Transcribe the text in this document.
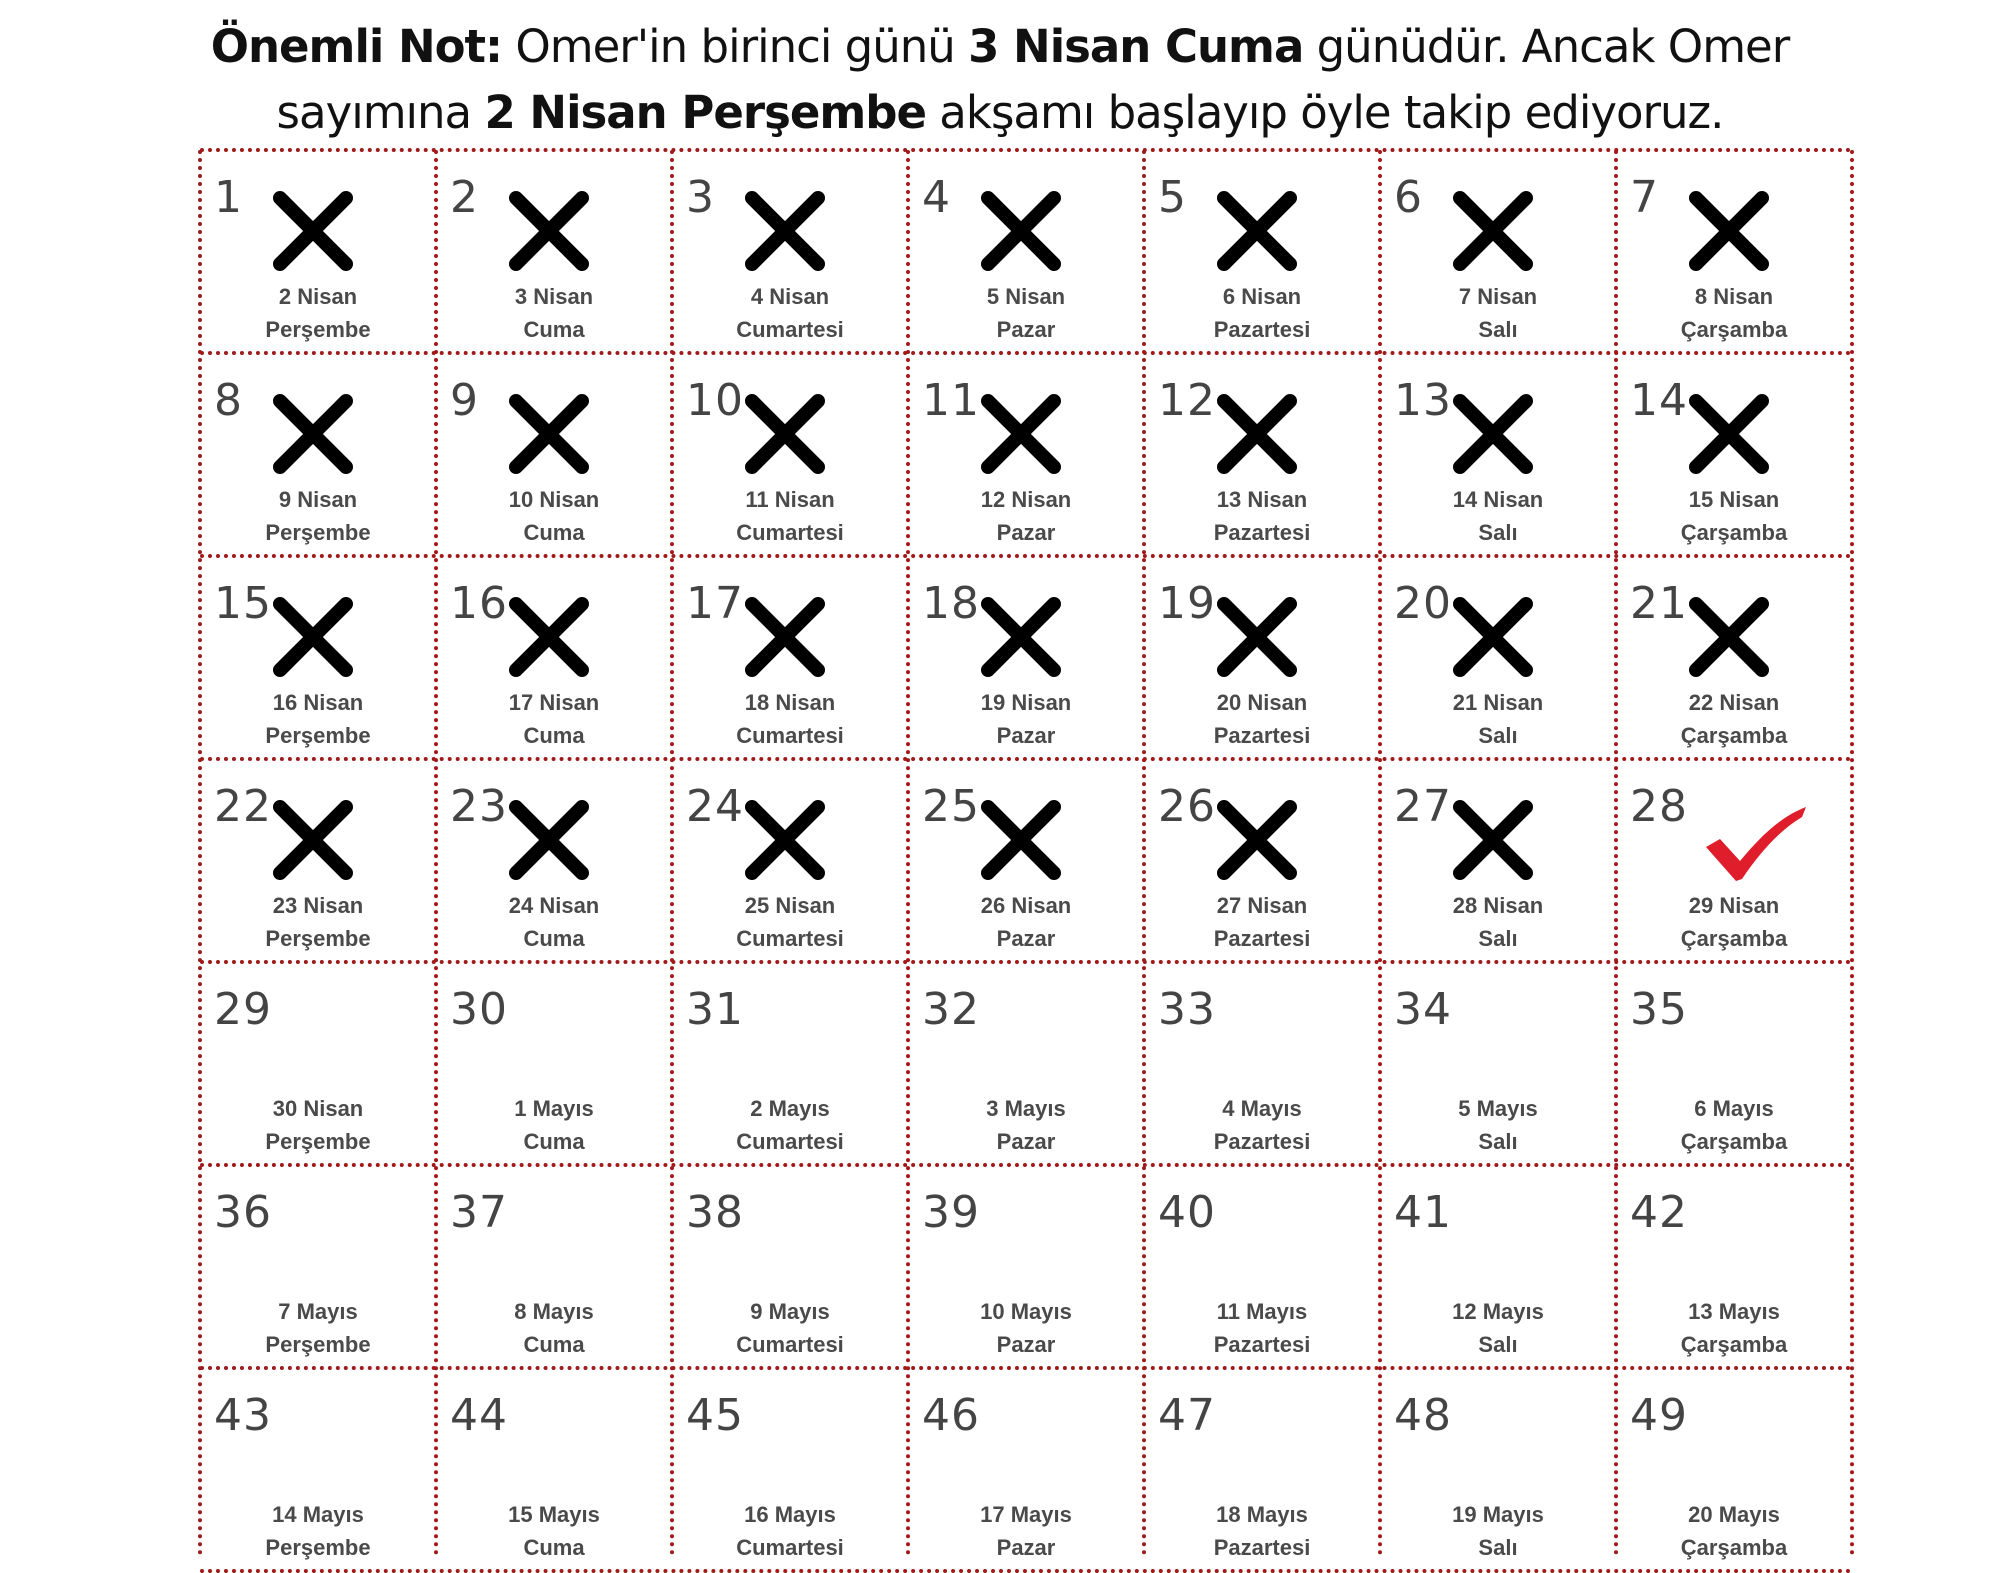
Önemli Not: Omer'in birinci günü 3 Nisan Cuma günüdür. Ancak Omer
sayımına 2 Nisan Perşembe akşamı başlayıp öyle takip ediyoruz.
1
2 Nisan
Perşembe
2
3 Nisan
Cuma
3
4 Nisan
Cumartesi
4
5 Nisan
Pazar
5
6 Nisan
Pazartesi
6
7 Nisan
Salı
7
8 Nisan
Çarşamba
8
9 Nisan
Perşembe
9
10 Nisan
Cuma
10
11 Nisan
Cumartesi
11
12 Nisan
Pazar
12
13 Nisan
Pazartesi
13
14 Nisan
Salı
14
15 Nisan
Çarşamba
15
16 Nisan
Perşembe
16
17 Nisan
Cuma
17
18 Nisan
Cumartesi
18
19 Nisan
Pazar
19
20 Nisan
Pazartesi
20
21 Nisan
Salı
21
22 Nisan
Çarşamba
22
23 Nisan
Perşembe
23
24 Nisan
Cuma
24
25 Nisan
Cumartesi
25
26 Nisan
Pazar
26
27 Nisan
Pazartesi
27
28 Nisan
Salı
28
29 Nisan
Çarşamba
29
30 Nisan
Perşembe
30
1 Mayıs
Cuma
31
2 Mayıs
Cumartesi
32
3 Mayıs
Pazar
33
4 Mayıs
Pazartesi
34
5 Mayıs
Salı
35
6 Mayıs
Çarşamba
36
7 Mayıs
Perşembe
37
8 Mayıs
Cuma
38
9 Mayıs
Cumartesi
39
10 Mayıs
Pazar
40
11 Mayıs
Pazartesi
41
12 Mayıs
Salı
42
13 Mayıs
Çarşamba
43
14 Mayıs
Perşembe
44
15 Mayıs
Cuma
45
16 Mayıs
Cumartesi
46
17 Mayıs
Pazar
47
18 Mayıs
Pazartesi
48
19 Mayıs
Salı
49
20 Mayıs
Çarşamba
